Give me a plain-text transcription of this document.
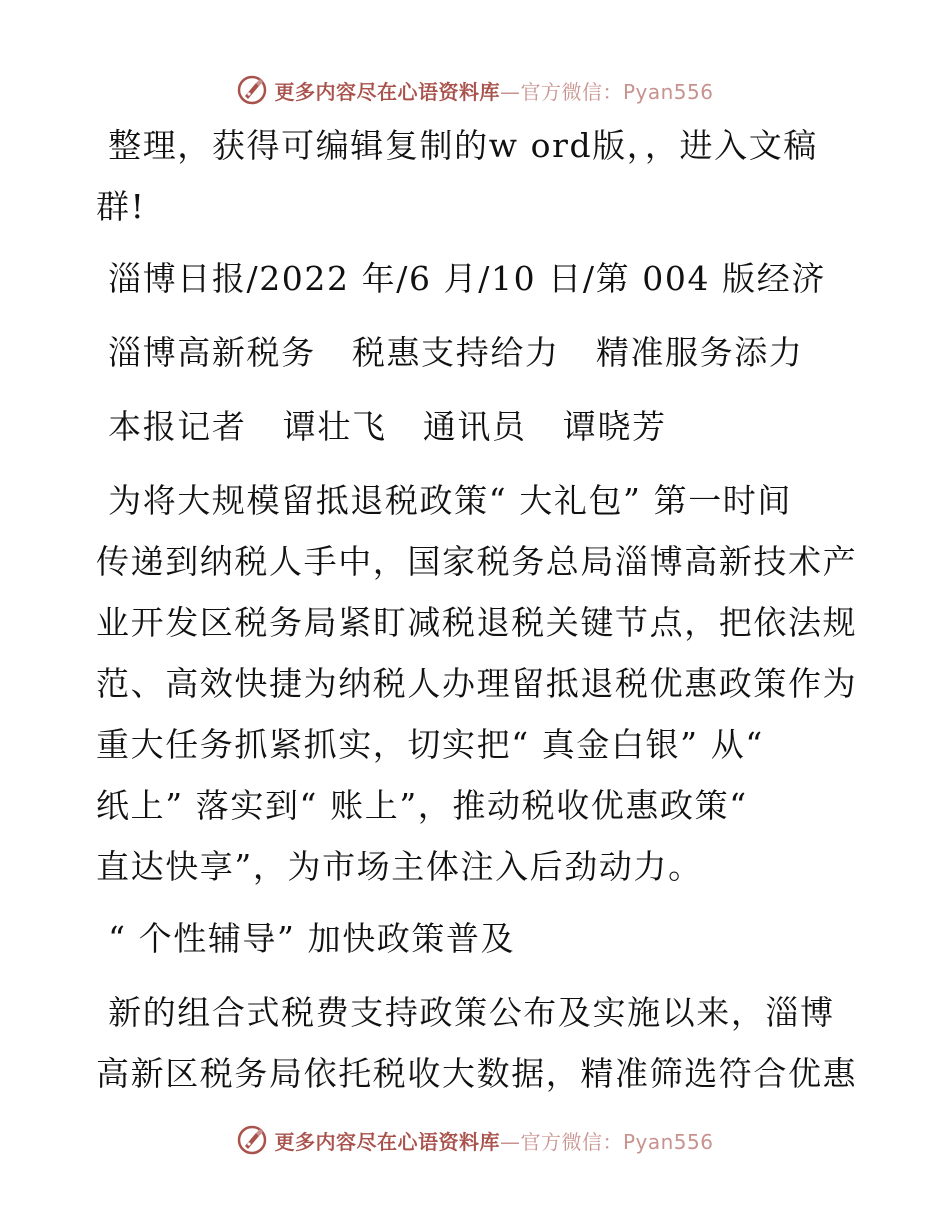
更多内容尽在心语资料库—官方微信：Pyan556
整理，获得可编辑复制的w ord版，，进入文稿
群!
淄博日报/2022 年/6 月/10 日/第 004 版经济
淄博高新税务   税惠支持给力   精准服务添力
本报记者   谭壮飞   通讯员   谭晓芳
为将大规模留抵退税政策“ 大礼包” 第一时间
传递到纳税人手中，国家税务总局淄博高新技术产
业开发区税务局紧盯减税退税关键节点，把依法规
范、高效快捷为纳税人办理留抵退税优惠政策作为
重大任务抓紧抓实，切实把“ 真金白银” 从“
纸上” 落实到“ 账上”，推动税收优惠政策“
直达快享”，为市场主体注入后劲动力。
“ 个性辅导” 加快政策普及
新的组合式税费支持政策公布及实施以来，淄博
高新区税务局依托税收大数据，精准筛选符合优惠
更多内容尽在心语资料库—官方微信：Pyan556
